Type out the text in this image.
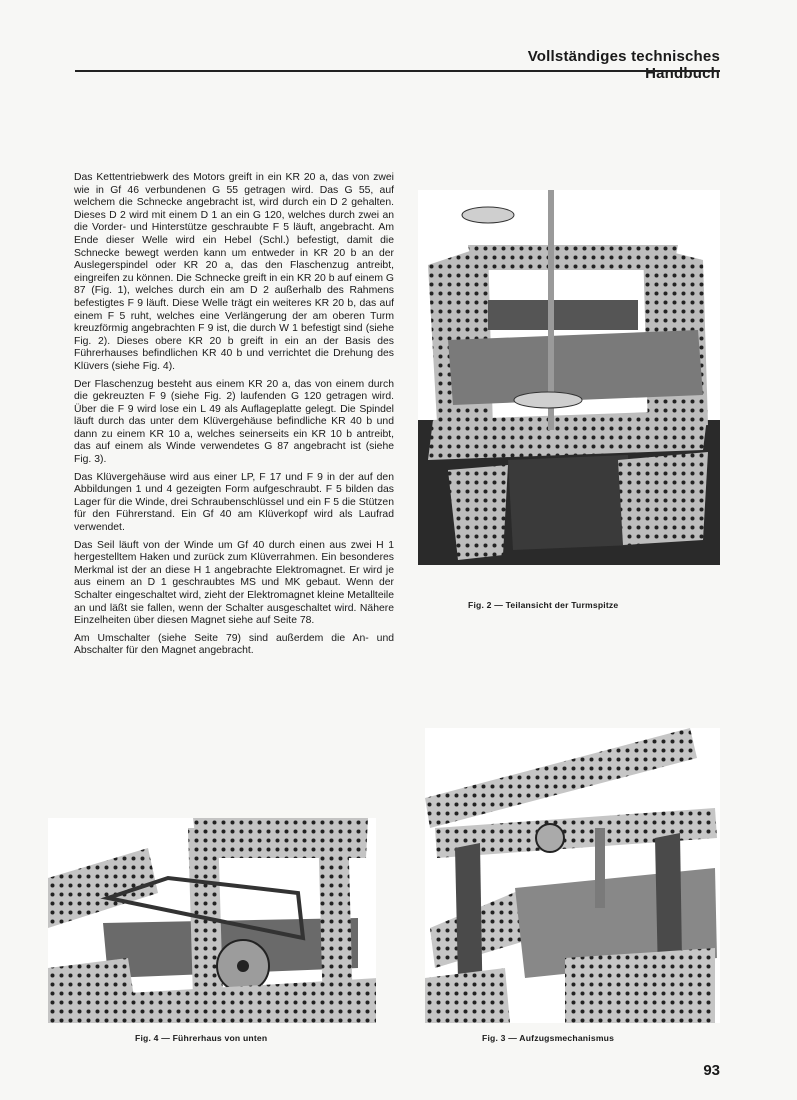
Vollständiges technisches Handbuch

Das Kettentriebwerk des Motors greift in ein KR 20 a, das von zwei wie in Gf 46 verbundenen G 55 getragen wird. Das G 55, auf welchem die Schnecke angebracht ist, wird durch ein D 2 gehalten. Dieses D 2 wird mit einem D 1 an ein G 120, welches durch zwei an die Vorder- und Hinterstütze geschraubte F 5 läuft, angebracht. Am Ende dieser Welle wird ein Hebel (Schl.) befestigt, damit die Schnecke bewegt werden kann um entweder in KR 20 b an der Auslegerspindel oder KR 20 a, das den Flaschenzug antreibt, eingreifen zu können. Die Schnecke greift in ein KR 20 b auf einem G 87 (Fig. 1), welches durch ein am D 2 außerhalb des Rahmens befestigtes F 9 läuft. Diese Welle trägt ein weiteres KR 20 b, das auf einem F 5 ruht, welches eine Verlängerung der am oberen Turm kreuzförmig angebrachten F 9 ist, die durch W 1 befestigt sind (siehe Fig. 2). Dieses obere KR 20 b greift in ein an der Basis des Führerhauses befindlichen KR 40 b und verrichtet die Drehung des Klüvers (siehe Fig. 4).

Der Flaschenzug besteht aus einem KR 20 a, das von einem durch die gekreuzten F 9 (siehe Fig. 2) laufenden G 120 getragen wird. Über die F 9 wird lose ein L 49 als Auflageplatte gelegt. Die Spindel läuft durch das unter dem Klüvergehäuse befindliche KR 40 b und dann zu einem KR 10 a, welches seinerseits ein KR 10 b antreibt, das auf einem als Winde verwendetes G 87 angebracht ist (siehe Fig. 3).

Das Klüvergehäuse wird aus einer LP, F 17 und F 9 in der auf den Abbildungen 1 und 4 gezeigten Form aufgeschraubt. F 5 bilden das Lager für die Winde, drei Schraubenschlüssel und ein F 5 die Stützen für den Führerstand. Ein Gf 40 am Klüverkopf wird als Laufrad verwendet.

Das Seil läuft von der Winde um Gf 40 durch einen aus zwei H 1 hergestelltem Haken und zurück zum Klüverrahmen. Ein besonderes Merkmal ist der an diese H 1 angebrachte Elektromagnet. Er wird je aus einem an D 1 geschraubtes MS und MK gebaut. Wenn der Schalter eingeschaltet wird, zieht der Elektromagnet kleine Metallteile an und läßt sie fallen, wenn der Schalter ausgeschaltet wird. Nähere Einzelheiten über diesen Magnet siehe auf Seite 78.

Am Umschalter (siehe Seite 79) sind außerdem die An- und Abschalter für den Magnet angebracht.

Fig. 2 — Teilansicht der Turmspitze
Fig. 4 — Führerhaus von unten	Fig. 3 — Aufzugsmechanismus
93
